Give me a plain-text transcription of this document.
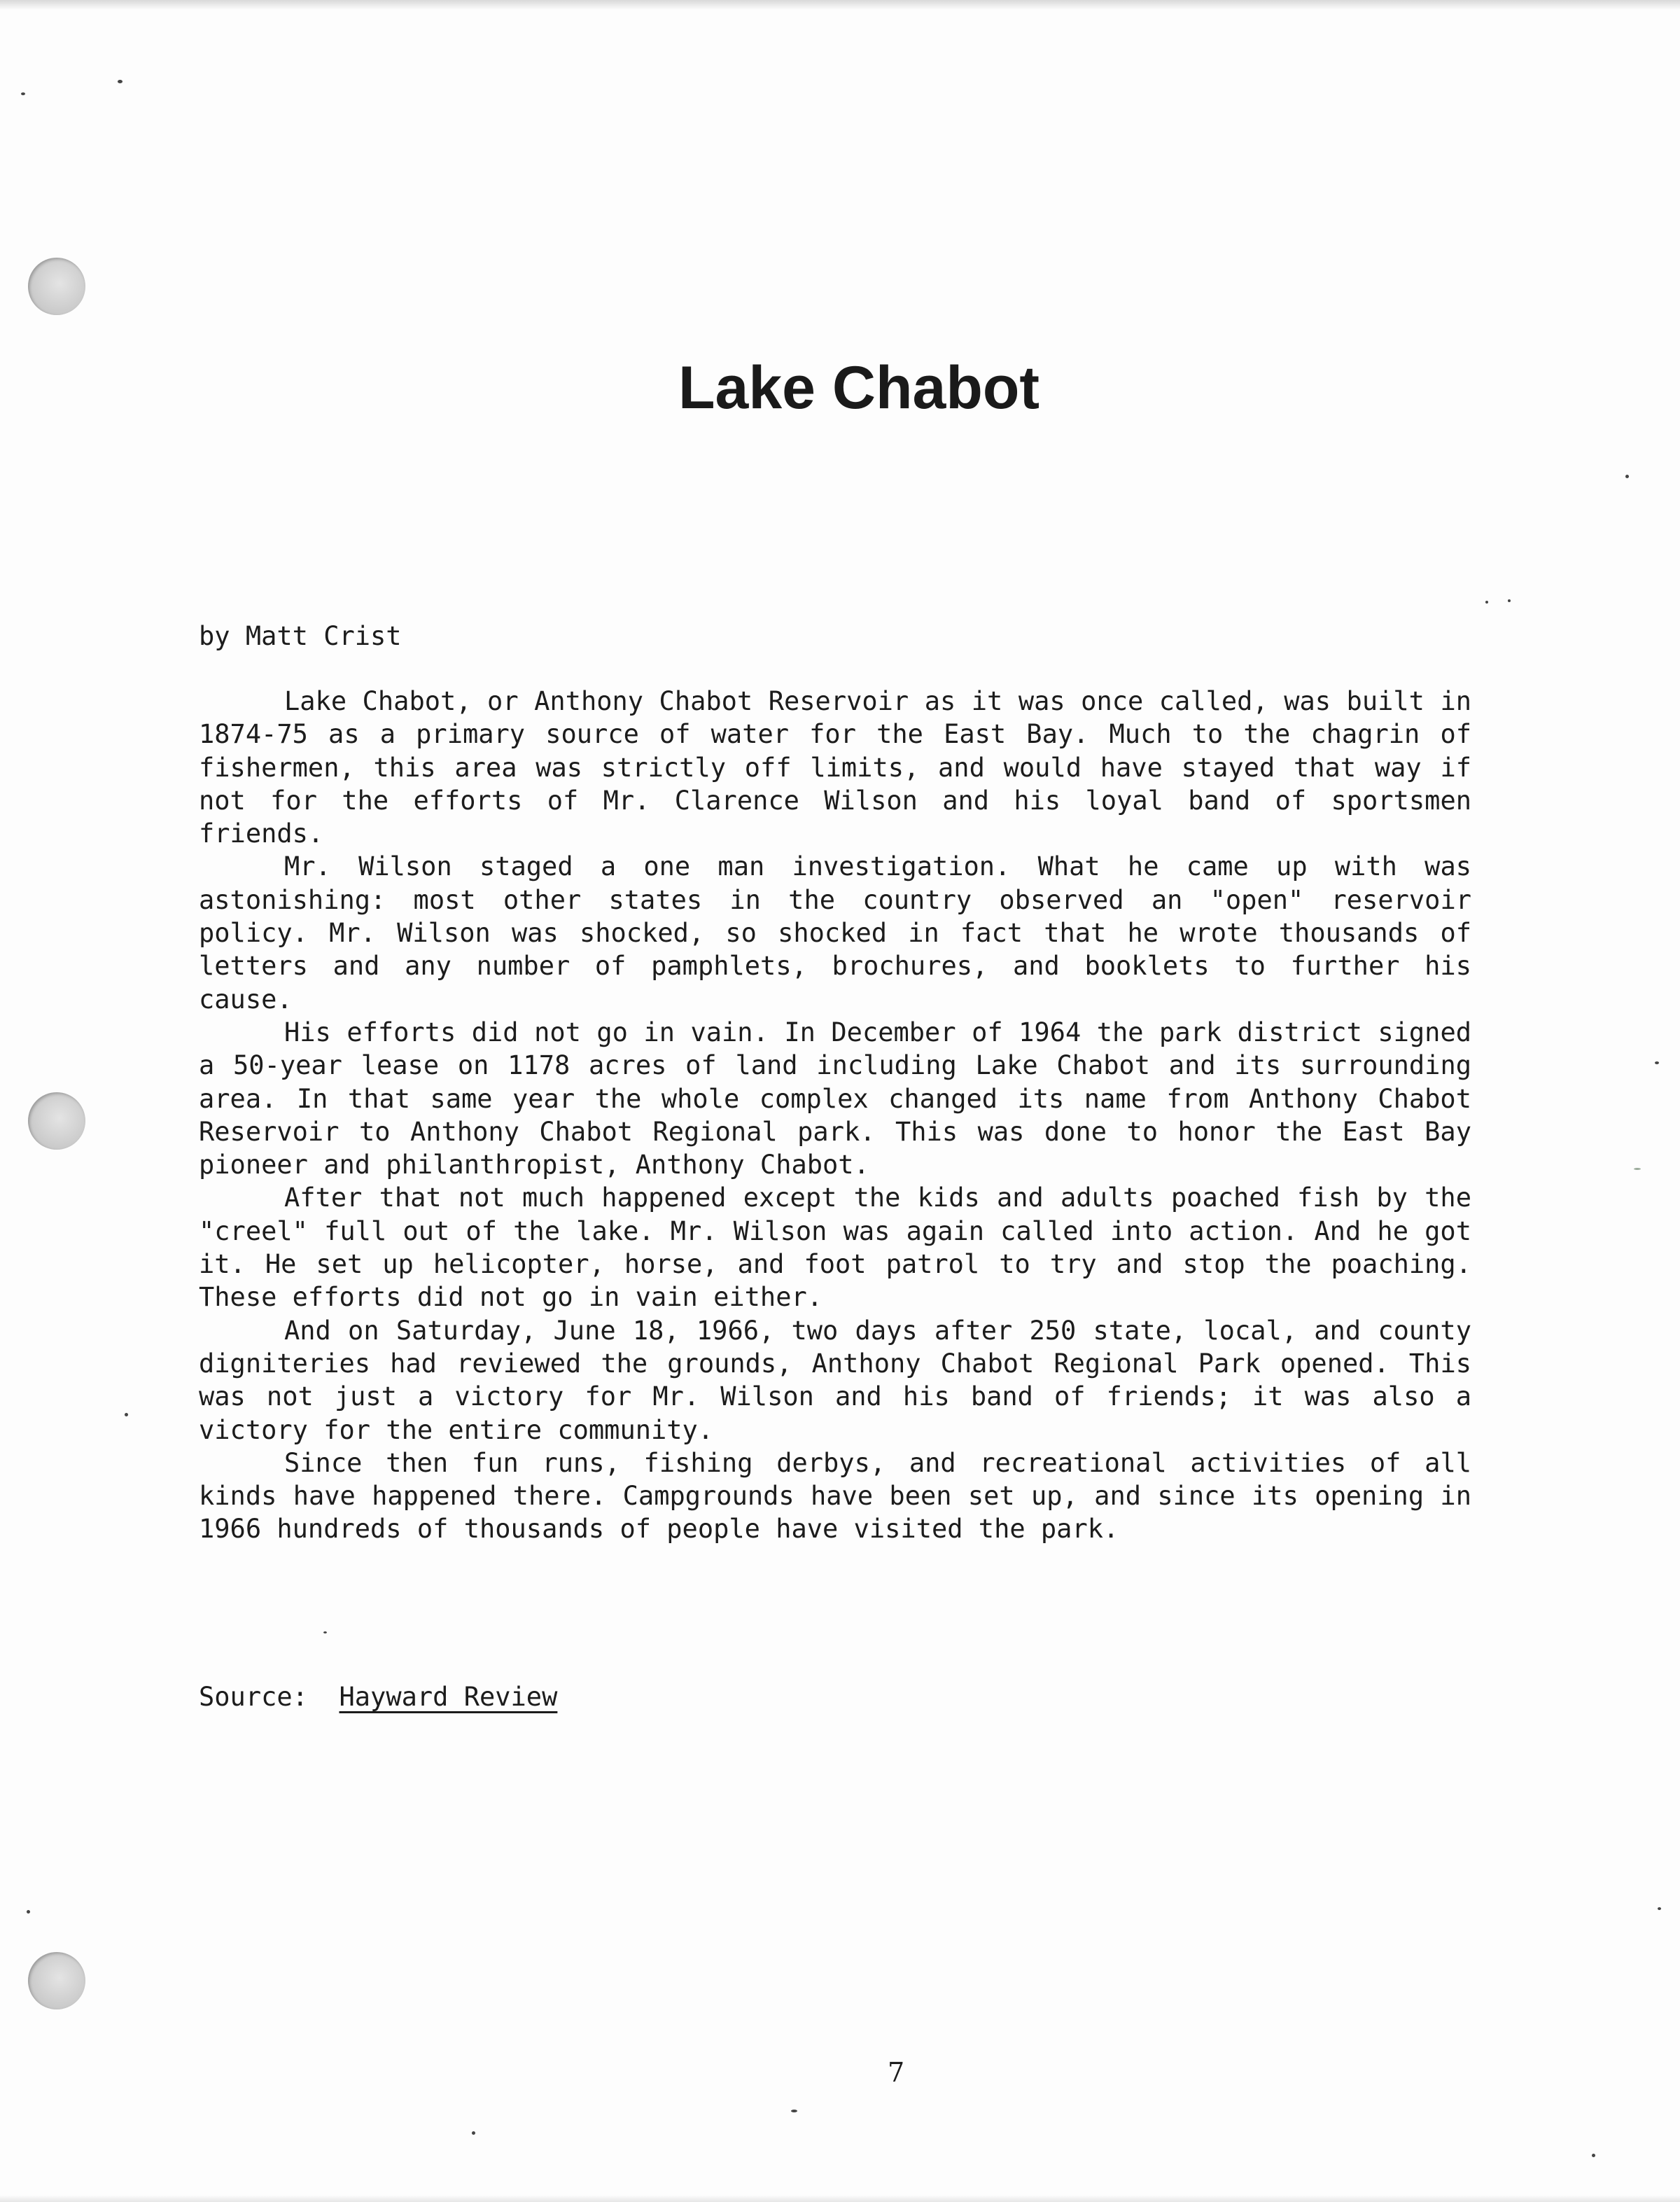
Lake Chabot
by Matt Crist

Lake Chabot, or Anthony Chabot Reservoir as it was once called, was built in 1874-75 as a primary source of water for the East Bay. Much to the chagrin of fishermen, this area was strictly off limits, and would have stayed that way if not for the efforts of Mr. Clarence Wilson and his loyal band of sportsmen friends.

Mr. Wilson staged a one man investigation. What he came up with was astonishing: most other states in the country observed an "open" reservoir policy. Mr. Wilson was shocked, so shocked in fact that he wrote thousands of letters and any number of pamphlets, brochures, and booklets to further his cause.

His efforts did not go in vain. In December of 1964 the park district signed a 50-year lease on 1178 acres of land including Lake Chabot and its surrounding area. In that same year the whole complex changed its name from Anthony Chabot Reservoir to Anthony Chabot Regional park. This was done to honor the East Bay pioneer and philanthropist, Anthony Chabot.

After that not much happened except the kids and adults poached fish by the "creel" full out of the lake. Mr. Wilson was again called into action. And he got it. He set up helicopter, horse, and foot patrol to try and stop the poaching. These efforts did not go in vain either.

And on Saturday, June 18, 1966, two days after 250 state, local, and county digniteries had reviewed the grounds, Anthony Chabot Regional Park opened. This was not just a victory for Mr. Wilson and his band of friends; it was also a victory for the entire community.

Since then fun runs, fishing derbys, and recreational activities of all kinds have happened there. Campgrounds have been set up, and since its opening in 1966 hundreds of thousands of people have visited the park.

Source: Hayward Review
7
